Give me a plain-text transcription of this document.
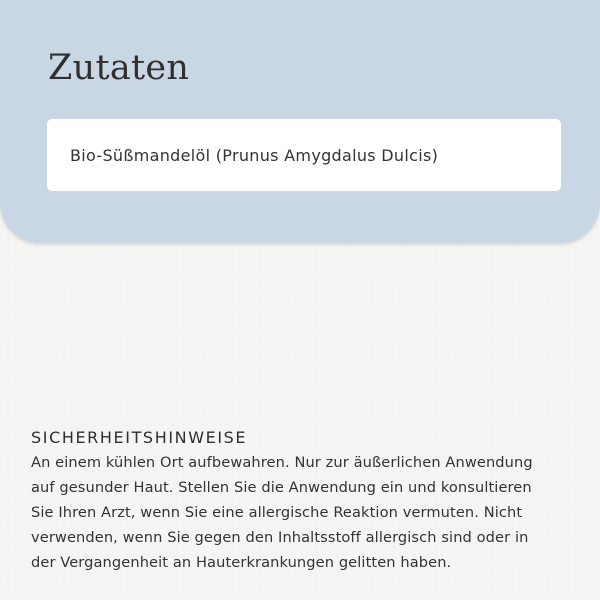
Zutaten
Bio-Süßmandelöl (Prunus Amygdalus Dulcis)
SICHERHEITSHINWEISE

An einem kühlen Ort aufbewahren. Nur zur äußerlichen Anwendung
auf gesunder Haut. Stellen Sie die Anwendung ein und konsultieren
Sie Ihren Arzt, wenn Sie eine allergische Reaktion vermuten. Nicht
verwenden, wenn Sie gegen den Inhaltsstoff allergisch sind oder in
der Vergangenheit an Hauterkrankungen gelitten haben.
